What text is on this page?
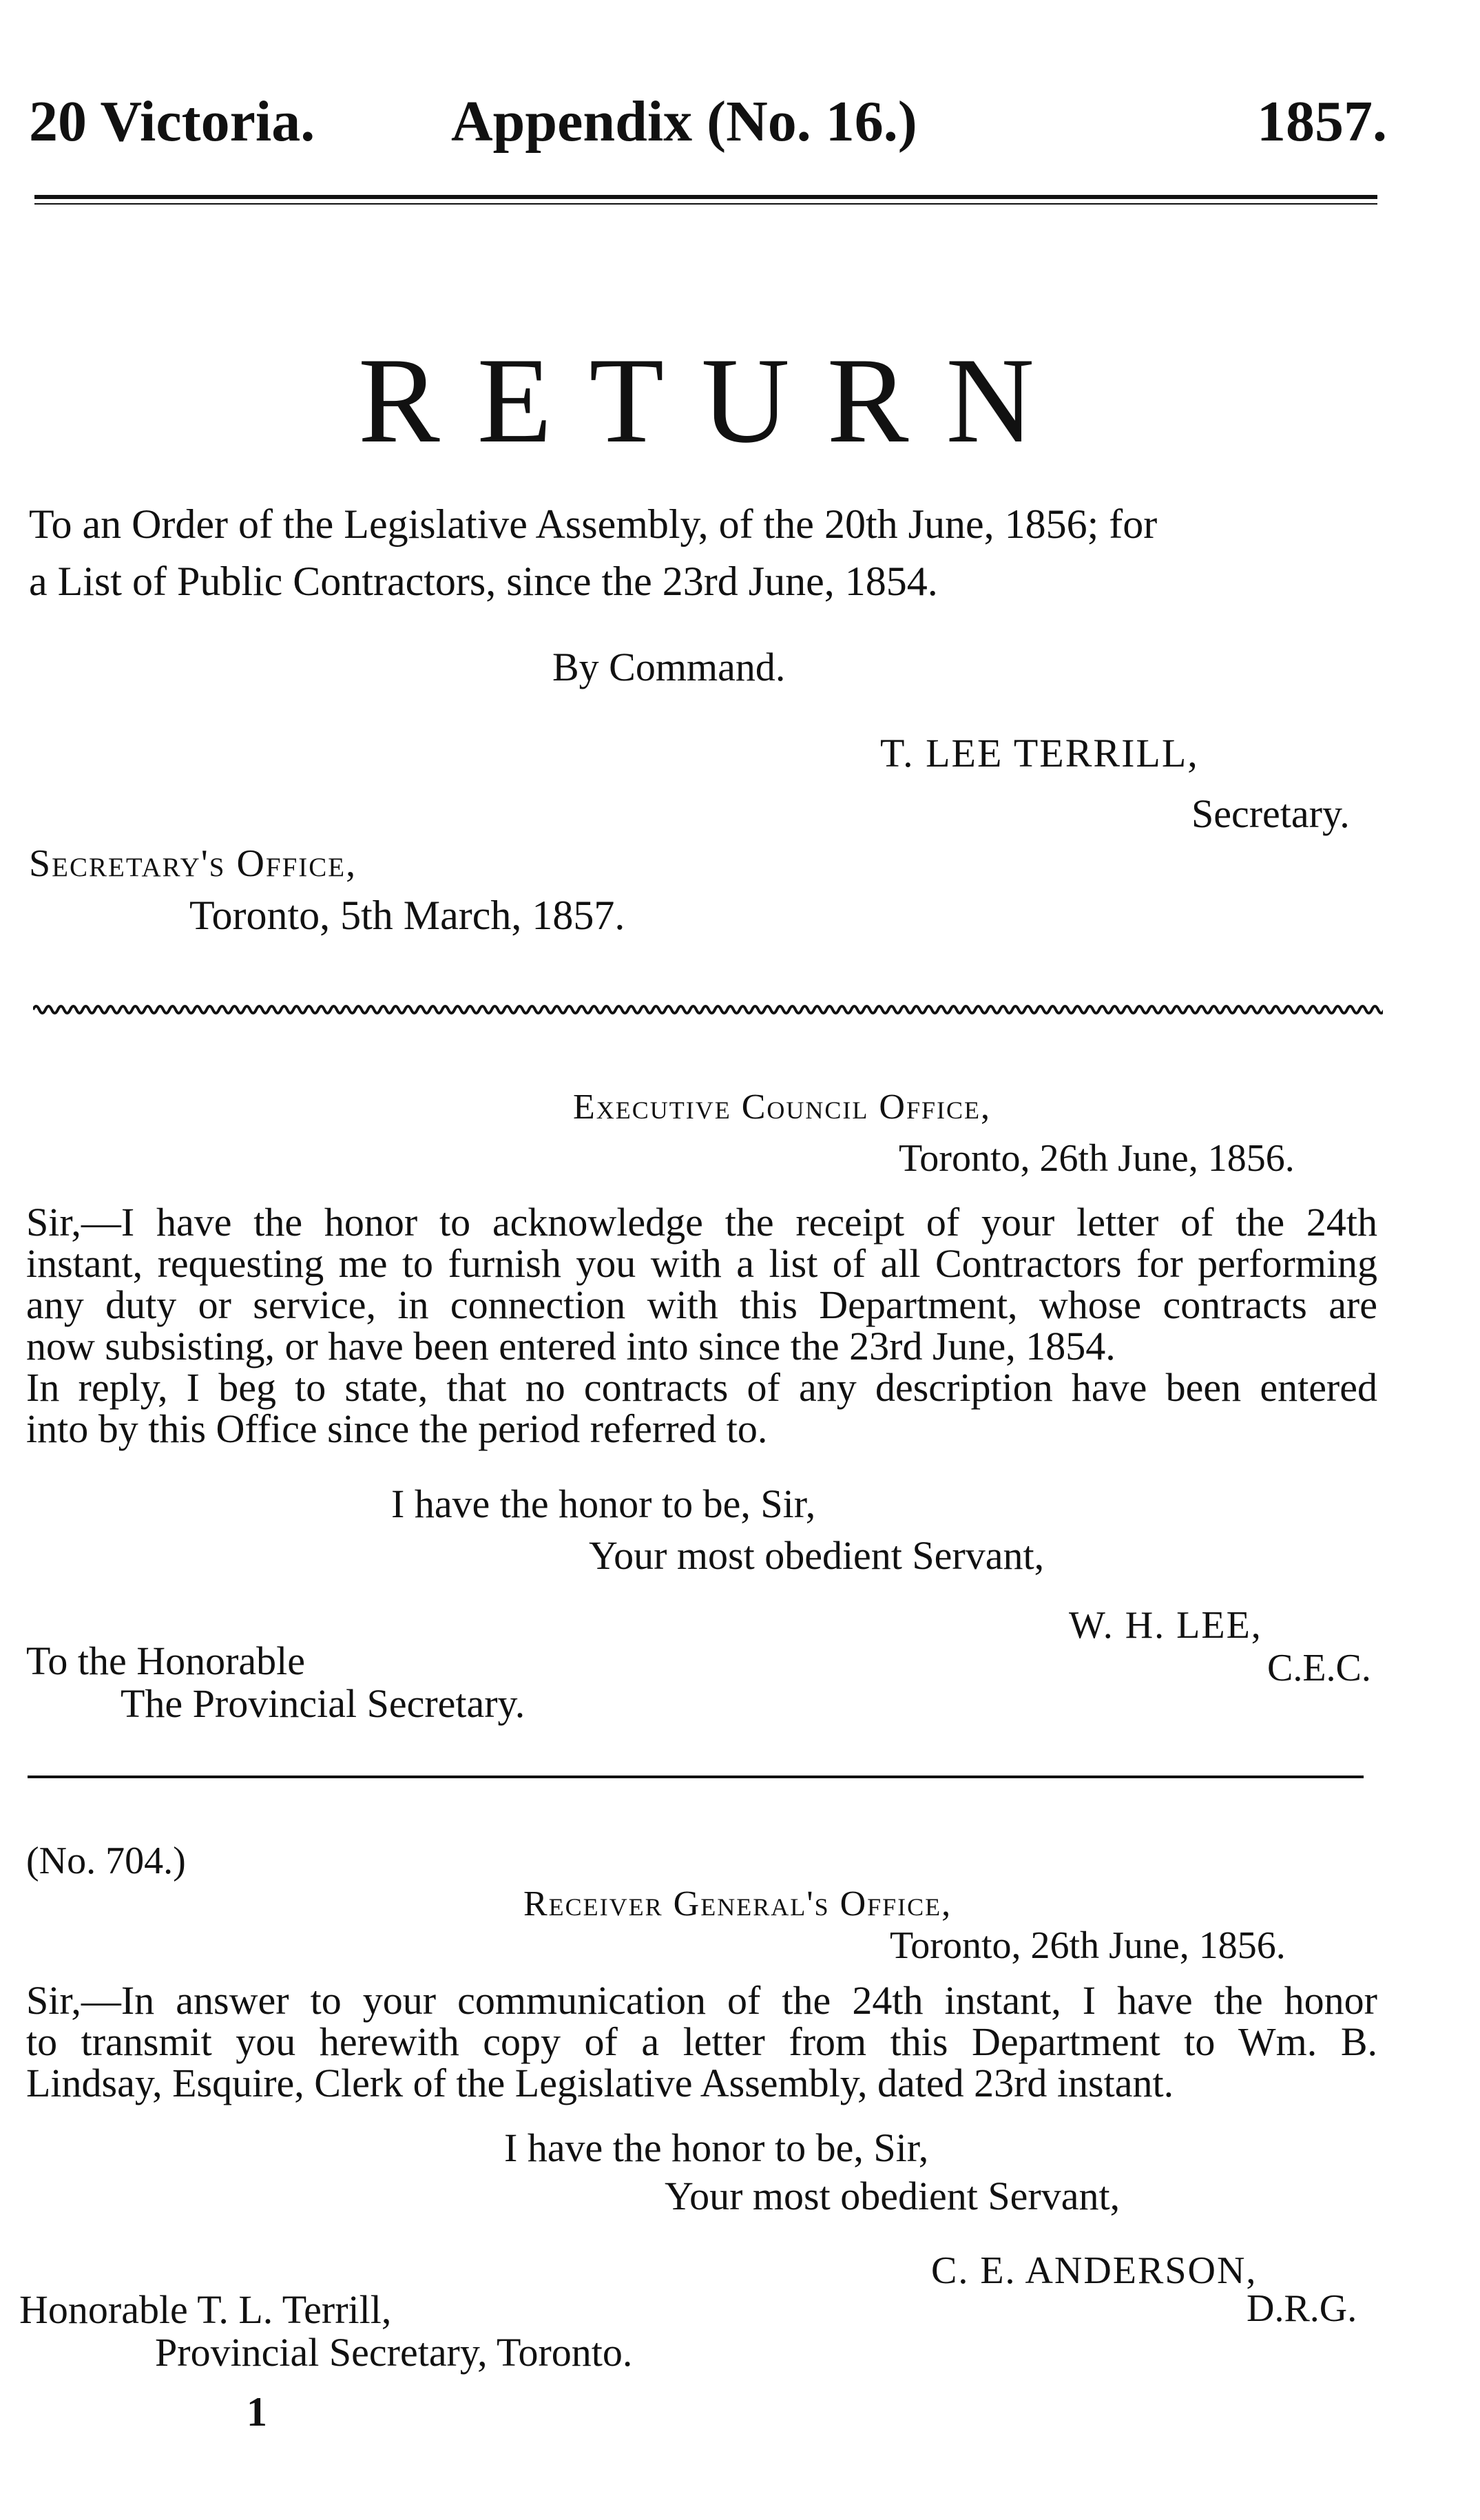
20 Victoria. Appendix (No. 16.)	1857.
RETURN
To an Order of the Legislative Assembly, of the 20th June, 1856; for
a List of Public Contractors, since the 23rd June, 1854.
By Command.
T. LEE TERRILL,
Secretary.
Secretary's Office,
Toronto, 5th March, 1857.
Executive Council Office,
Toronto, 26th June, 1856.
Sir,—I have the honor to acknowledge the receipt of your letter of the 24th
instant, requesting me to furnish you with a list of all Contractors for performing
any duty or service, in connection with this Department, whose contracts are
now subsisting, or have been entered into since the 23rd June, 1854.
In reply, I beg to state, that no contracts of any description have been entered
into by this Office since the period referred to.
I have the honor to be, Sir,
Your most obedient Servant,
W. H. LEE,
C.E.C.
To the Honorable
The Provincial Secretary.
(No. 704.)
Receiver General's Office,
Toronto, 26th June, 1856.
Sir,—In answer to your communication of the 24th instant, I have the honor
to transmit you herewith copy of a letter from this Department to Wm. B.
Lindsay, Esquire, Clerk of the Legislative Assembly, dated 23rd instant.
I have the honor to be, Sir,
Your most obedient Servant,
C. E. ANDERSON,
D.R.G.
Honorable T. L. Terrill,
Provincial Secretary, Toronto.
1
